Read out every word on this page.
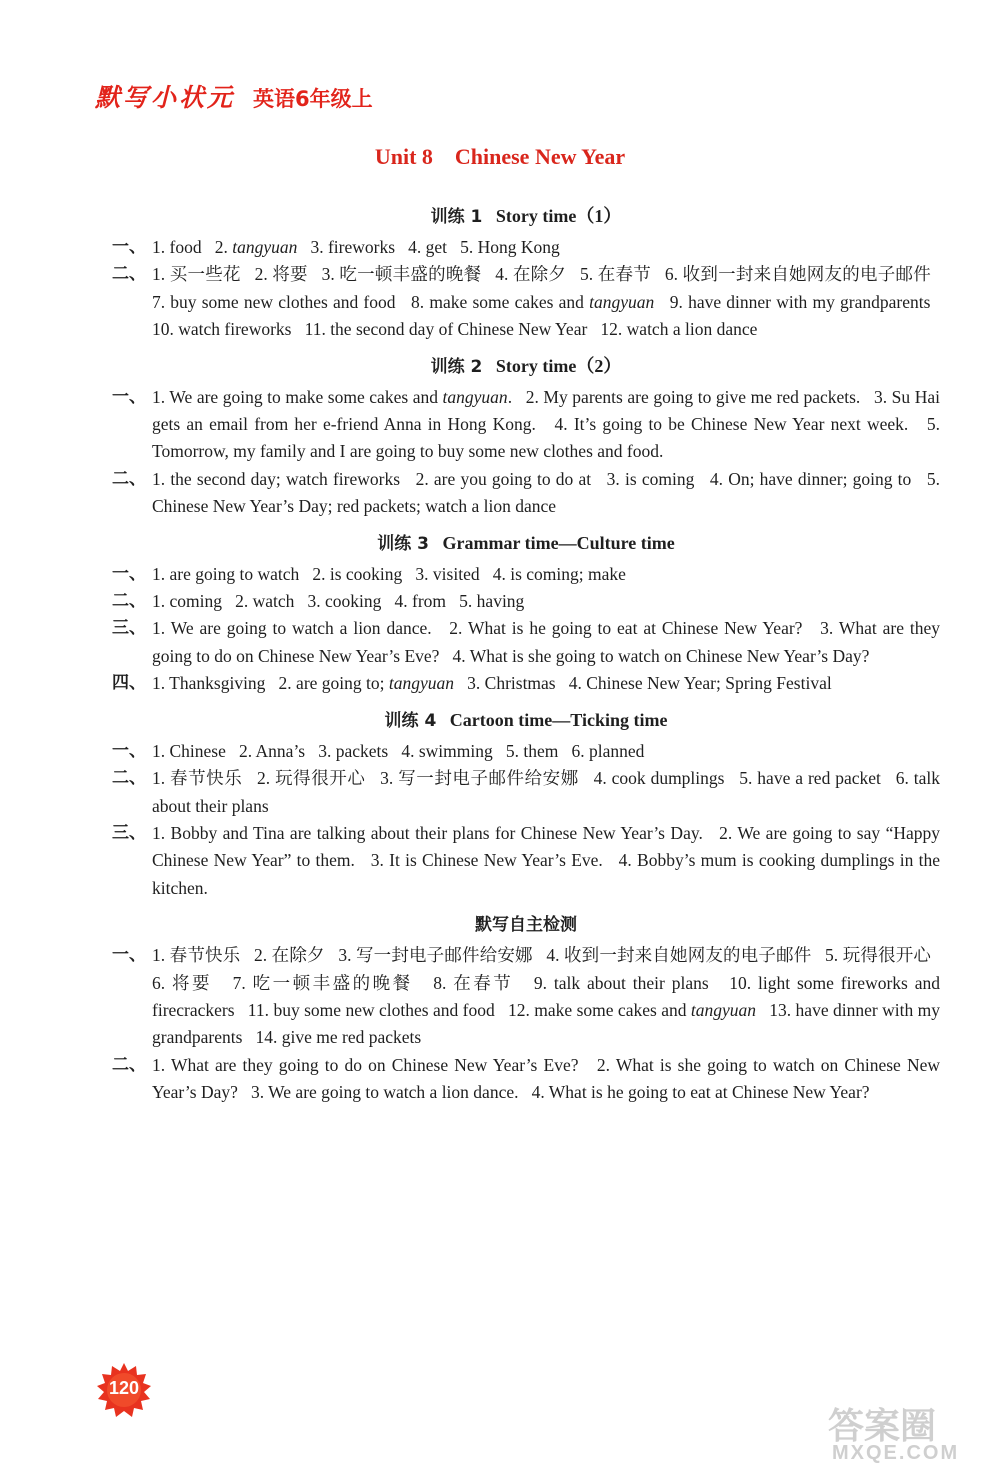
默写小状元 英语6年级上
Unit 8    Chinese New Year
训练 1 Story time（1）
一、 1. food   2. tangyuan   3. fireworks   4. get   5. Hong Kong
二、 1. 买一些花   2. 将要   3. 吃一顿丰盛的晚餐   4. 在除夕   5. 在春节   6. 收到一封来自她网友的电子邮件   7. buy some new clothes and food   8. make some cakes and tangyuan   9. have dinner with my grandparents   10. watch fireworks   11. the second day of Chinese New Year   12. watch a lion dance
训练 2 Story time（2）
一、 1. We are going to make some cakes and tangyuan.   2. My parents are going to give me red packets.   3. Su Hai gets an email from her e-friend Anna in Hong Kong.   4. It’s going to be Chinese New Year next week.   5. Tomorrow, my family and I are going to buy some new clothes and food.
二、 1. the second day; watch fireworks   2. are you going to do at   3. is coming   4. On; have dinner; going to   5. Chinese New Year’s Day; red packets; watch a lion dance
训练 3 Grammar time—Culture time
一、 1. are going to watch   2. is cooking   3. visited   4. is coming; make
二、 1. coming   2. watch   3. cooking   4. from   5. having
三、 1. We are going to watch a lion dance.   2. What is he going to eat at Chinese New Year?   3. What are they going to do on Chinese New Year’s Eve?   4. What is she going to watch on Chinese New Year’s Day?
四、 1. Thanksgiving   2. are going to; tangyuan   3. Christmas   4. Chinese New Year; Spring Festival
训练 4 Cartoon time—Ticking time
一、 1. Chinese   2. Anna’s   3. packets   4. swimming   5. them   6. planned
二、 1. 春节快乐   2. 玩得很开心   3. 写一封电子邮件给安娜   4. cook dumplings   5. have a red packet   6. talk about their plans
三、 1. Bobby and Tina are talking about their plans for Chinese New Year’s Day.   2. We are going to say “Happy Chinese New Year” to them.   3. It is Chinese New Year’s Eve.   4. Bobby’s mum is cooking dumplings in the kitchen.
默写自主检测
一、 1. 春节快乐   2. 在除夕   3. 写一封电子邮件给安娜   4. 收到一封来自她网友的电子邮件   5. 玩得很开心   6. 将要   7. 吃一顿丰盛的晚餐   8. 在春节   9. talk about their plans   10. light some fireworks and firecrackers   11. buy some new clothes and food   12. make some cakes and tangyuan   13. have dinner with my grandparents   14. give me red packets
二、 1. What are they going to do on Chinese New Year’s Eve?   2. What is she going to watch on Chinese New Year’s Day?   3. We are going to watch a lion dance.   4. What is he going to eat at Chinese New Year?
120
答案圈
MXQE.COM
